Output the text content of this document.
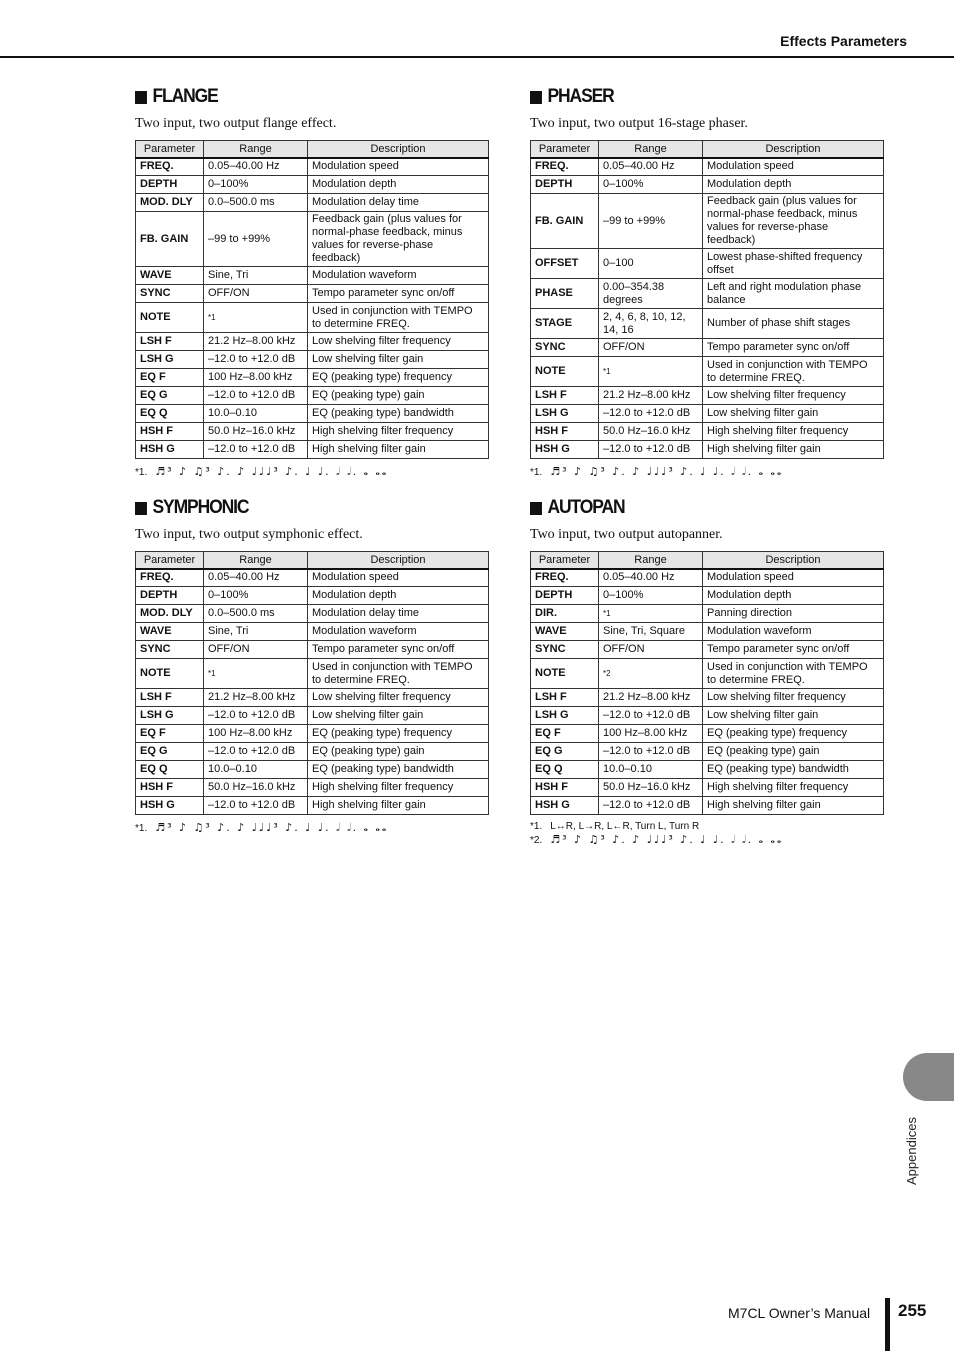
Effects Parameters
FLANGE
Two input, two output flange effect.
Parameter	Range	Description
FREQ.	0.05–40.00 Hz	Modulation speed
DEPTH	0–100%	Modulation depth
MOD. DLY	0.0–500.0 ms	Modulation delay time
FB. GAIN	–99 to +99%	Feedback gain (plus values for normal-phase feedback, minus values for reverse-phase feedback)
WAVE	Sine, Tri	Modulation waveform
SYNC	OFF/ON	Tempo parameter sync on/off
NOTE	*1	Used in conjunction with TEMPO to determine FREQ.
LSH F	21.2 Hz–8.00 kHz	Low shelving filter frequency
LSH G	–12.0 to +12.0 dB	Low shelving filter gain
EQ F	100 Hz–8.00 kHz	EQ (peaking type) frequency
EQ G	–12.0 to +12.0 dB	EQ (peaking type) gain
EQ Q	10.0–0.10	EQ (peaking type) bandwidth
HSH F	50.0 Hz–16.0 kHz	High shelving filter frequency
HSH G	–12.0 to +12.0 dB	High shelving filter gain
*1. ♬³ ♪ ♫³ ♪. ♪ ♩♩♩³ ♪. ♩ ♩. 𝅗𝅥 𝅗𝅥. 𝅝 𝅝𝅝
SYMPHONIC
Two input, two output symphonic effect.
Parameter	Range	Description
FREQ.	0.05–40.00 Hz	Modulation speed
DEPTH	0–100%	Modulation depth
MOD. DLY	0.0–500.0 ms	Modulation delay time
WAVE	Sine, Tri	Modulation waveform
SYNC	OFF/ON	Tempo parameter sync on/off
NOTE	*1	Used in conjunction with TEMPO to determine FREQ.
LSH F	21.2 Hz–8.00 kHz	Low shelving filter frequency
LSH G	–12.0 to +12.0 dB	Low shelving filter gain
EQ F	100 Hz–8.00 kHz	EQ (peaking type) frequency
EQ G	–12.0 to +12.0 dB	EQ (peaking type) gain
EQ Q	10.0–0.10	EQ (peaking type) bandwidth
HSH F	50.0 Hz–16.0 kHz	High shelving filter frequency
HSH G	–12.0 to +12.0 dB	High shelving filter gain
*1. ♬³ ♪ ♫³ ♪. ♪ ♩♩♩³ ♪. ♩ ♩. 𝅗𝅥 𝅗𝅥. 𝅝 𝅝𝅝
PHASER
Two input, two output 16-stage phaser.
Parameter	Range	Description
FREQ.	0.05–40.00 Hz	Modulation speed
DEPTH	0–100%	Modulation depth
FB. GAIN	–99 to +99%	Feedback gain (plus values for normal-phase feedback, minus values for reverse-phase feedback)
OFFSET	0–100	Lowest phase-shifted frequency offset
PHASE	0.00–354.38 degrees	Left and right modulation phase balance
STAGE	2, 4, 6, 8, 10, 12, 14, 16	Number of phase shift stages
SYNC	OFF/ON	Tempo parameter sync on/off
NOTE	*1	Used in conjunction with TEMPO to determine FREQ.
LSH F	21.2 Hz–8.00 kHz	Low shelving filter frequency
LSH G	–12.0 to +12.0 dB	Low shelving filter gain
HSH F	50.0 Hz–16.0 kHz	High shelving filter frequency
HSH G	–12.0 to +12.0 dB	High shelving filter gain
*1. ♬³ ♪ ♫³ ♪. ♪ ♩♩♩³ ♪. ♩ ♩. 𝅗𝅥 𝅗𝅥. 𝅝 𝅝𝅝
AUTOPAN
Two input, two output autopanner.
Parameter	Range	Description
FREQ.	0.05–40.00 Hz	Modulation speed
DEPTH	0–100%	Modulation depth
DIR.	*1	Panning direction
WAVE	Sine, Tri, Square	Modulation waveform
SYNC	OFF/ON	Tempo parameter sync on/off
NOTE	*2	Used in conjunction with TEMPO to determine FREQ.
LSH F	21.2 Hz–8.00 kHz	Low shelving filter frequency
LSH G	–12.0 to +12.0 dB	Low shelving filter gain
EQ F	100 Hz–8.00 kHz	EQ (peaking type) frequency
EQ G	–12.0 to +12.0 dB	EQ (peaking type) gain
EQ Q	10.0–0.10	EQ (peaking type) bandwidth
HSH F	50.0 Hz–16.0 kHz	High shelving filter frequency
HSH G	–12.0 to +12.0 dB	High shelving filter gain
*1. L↔R, L→R, L←R, Turn L, Turn R
*2. ♬³ ♪ ♫³ ♪. ♪ ♩♩♩³ ♪. ♩ ♩. 𝅗𝅥 𝅗𝅥. 𝅝 𝅝𝅝
Appendices
M7CL Owner’s Manual 255
